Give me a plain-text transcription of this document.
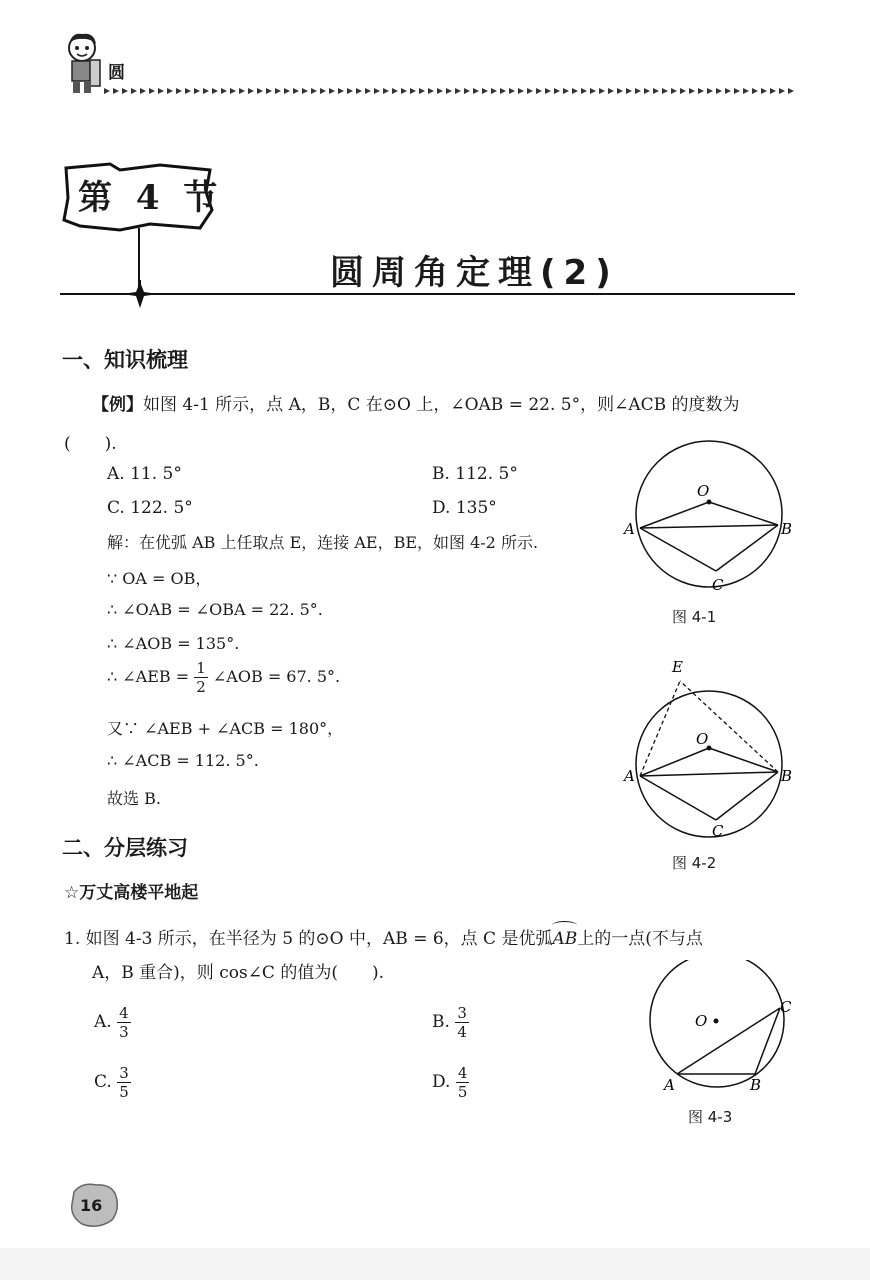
圆
第 4 节
圆周角定理(2)
一、知识梳理
【例】如图 4-1 所示，点 A，B，C 在⊙O 上，∠OAB = 22. 5°，则∠ACB 的度数为
(　　).
A. 11. 5°	B. 112. 5°
C. 122. 5°	D. 135°
解：在优弧 AB 上任取点 E，连接 AE，BE，如图 4-2 所示.
∵ OA = OB，
∴ ∠OAB = ∠OBA = 22. 5°.
∴ ∠AOB = 135°.
∴ ∠AEB = $\frac{1}{2}$ ∠AOB = 67. 5°.
又∵ ∠AEB + ∠ACB = 180°，
∴ ∠ACB = 112. 5°.
故选 B.
O
A	B
C
图 4-1
E
O
A	B
C
图 4-2
二、分层练习
☆万丈高楼平地起
1. 如图 4-3 所示，在半径为 5 的⊙O 中，AB = 6，点 C 是优弧
AB上的一点(不与点
A，B 重合)，则 cos∠C 的值为(　　).
A. $\frac{4}{3}$	B. $\frac{3}{4}$
C. $\frac{3}{5}$	D. $\frac{4}{5}$
O
A	B
C
图 4-3
16
